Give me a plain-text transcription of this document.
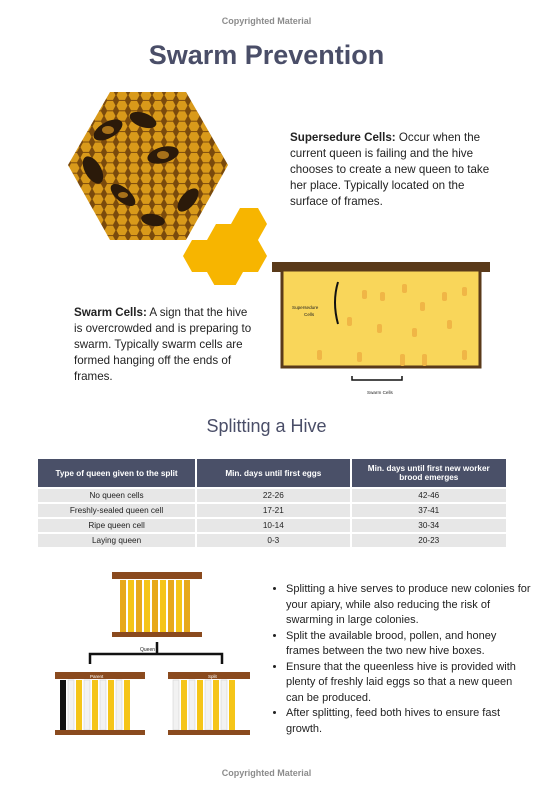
Copyrighted Material
Swarm Prevention
Supersedure Cells: Occur when the current queen is failing and the hive chooses to create a new queen to take her place. Typically located on the surface of frames.
Swarm Cells: A sign that the hive is overcrowded and is preparing to swarm. Typically swarm cells are formed hanging off the ends of frames.
Supersedure
Cells
Swarm Cells
Splitting a Hive
Type of queen given to the split	Min. days until first eggs	Min. days until first new worker brood emerges
No queen cells	22-26	42-46
Freshly-sealed queen cell	17-21	37-41
Ripe queen cell	10-14	30-34
Laying queen	0-3	20-23
Queen
Parent	Split
• Splitting a hive serves to produce new colonies for your apiary, while also reducing the risk of swarming in large colonies.
• Split the available brood, pollen, and honey frames between the two new hive boxes.
• Ensure that the queenless hive is provided with plenty of freshly laid eggs so that a new queen can be produced.
• After splitting, feed both hives to ensure fast growth.
Copyrighted Material
